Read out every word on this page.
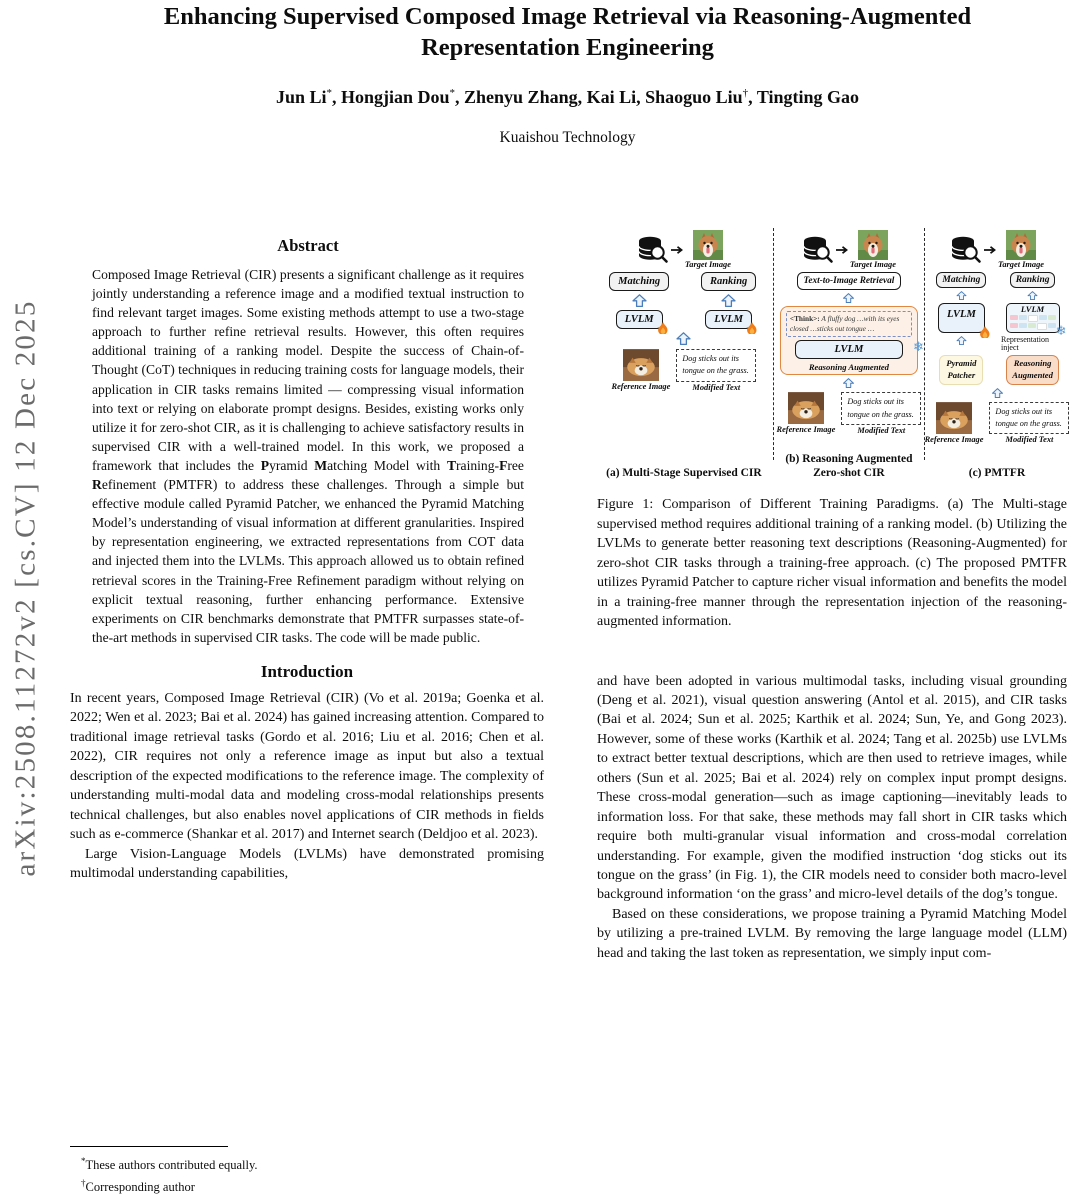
arXiv:2508.11272v2 [cs.CV] 12 Dec 2025
Enhancing Supervised Composed Image Retrieval via Reasoning-Augmented
Representation Engineering
Jun Li*, Hongjian Dou*, Zhenyu Zhang, Kai Li, Shaoguo Liu†, Tingting Gao
Kuaishou Technology
Abstract
Composed Image Retrieval (CIR) presents a significant challenge as it requires jointly understanding a reference image and a modified textual instruction to find relevant target images. Some existing methods attempt to use a two-stage approach to further refine retrieval results. However, this often requires additional training of a ranking model. Despite the success of Chain-of-Thought (CoT) techniques in reducing training costs for language models, their application in CIR tasks remains limited — compressing visual information into text or relying on elaborate prompt designs. Besides, existing works only utilize it for zero-shot CIR, as it is challenging to achieve satisfactory results in supervised CIR with a well-trained model. In this work, we proposed a framework that includes the Pyramid Matching Model with Training-Free Refinement (PMTFR) to address these challenges. Through a simple but effective module called Pyramid Patcher, we enhanced the Pyramid Matching Model’s understanding of visual information at different granularities. Inspired by representation engineering, we extracted representations from COT data and injected them into the LVLMs. This approach allowed us to obtain refined retrieval scores in the Training-Free Refinement paradigm without relying on explicit textual reasoning, further enhancing performance. Extensive experiments on CIR benchmarks demonstrate that PMTFR surpasses state-of-the-art methods in supervised CIR tasks. The code will be made public.
Introduction

In recent years, Composed Image Retrieval (CIR) (Vo et al. 2019a; Goenka et al. 2022; Wen et al. 2023; Bai et al. 2024) has gained increasing attention. Compared to traditional image retrieval tasks (Gordo et al. 2016; Liu et al. 2016; Chen et al. 2022), CIR requires not only a reference image as input but also a textual description of the expected modifications to the reference image. The complexity of understanding multi-modal data and modeling cross-modal relationships presents technical challenges, but also enables novel applications of CIR methods in fields such as e-commerce (Shankar et al. 2017) and Internet search (Deldjoo et al. 2023).

Large Vision-Language Models (LVLMs) have demonstrated promising multimodal understanding capabilities,

*These authors contributed equally.
†Corresponding author
Target Image
Matching	Ranking
LVLM	LVLM
Reference Image
Dog sticks out its tongue on the grass.
Modified Text
(a) Multi-Stage Supervised CIR
Target Image
Text-to-Image Retrieval
<Think>: A fluffy dog …with its eyes closed …sticks out tongue …
LVLM
Reasoning Augmented
❄
Reference Image
Dog sticks out its tongue on the grass.
Modified Text
(b) Reasoning Augmented
Zero-shot CIR
Target Image
Matching	Ranking
LVLM	LVLM
❄
Representation inject
Pyramid
Patcher
Reasoning
Augmented
Reference Image
Dog sticks out its tongue on the grass.
Modified Text
(c) PMTFR
Figure 1: Comparison of Different Training Paradigms. (a) The Multi-stage supervised method requires additional training of a ranking model. (b) Utilizing the LVLMs to generate better reasoning text descriptions (Reasoning-Augmented) for zero-shot CIR tasks through a training-free approach. (c) The proposed PMTFR utilizes Pyramid Patcher to capture richer visual information and benefits the model in a training-free manner through the representation injection of the reasoning-augmented information.

and have been adopted in various multimodal tasks, including visual grounding (Deng et al. 2021), visual question answering (Antol et al. 2015), and CIR tasks (Bai et al. 2024; Sun et al. 2025; Karthik et al. 2024; Sun, Ye, and Gong 2023). However, some of these works (Karthik et al. 2024; Tang et al. 2025b) use LVLMs to extract better textual descriptions, which are then used to retrieve images, while others (Sun et al. 2025; Bai et al. 2024) rely on complex input prompt designs. These cross-modal generation—such as image captioning—inevitably leads to information loss. For that sake, these methods may fall short in CIR tasks which require both multi-granular visual information and cross-modal correlation understanding. For example, given the modified instruction ‘dog sticks out its tongue on the grass’ (in Fig. 1), the CIR models need to consider both macro-level background information ‘on the grass’ and micro-level details of the dog’s tongue.

Based on these considerations, we propose training a Pyramid Matching Model by utilizing a pre-trained LVLM. By removing the large language model (LLM) head and taking the last token as representation, we simply input com-
